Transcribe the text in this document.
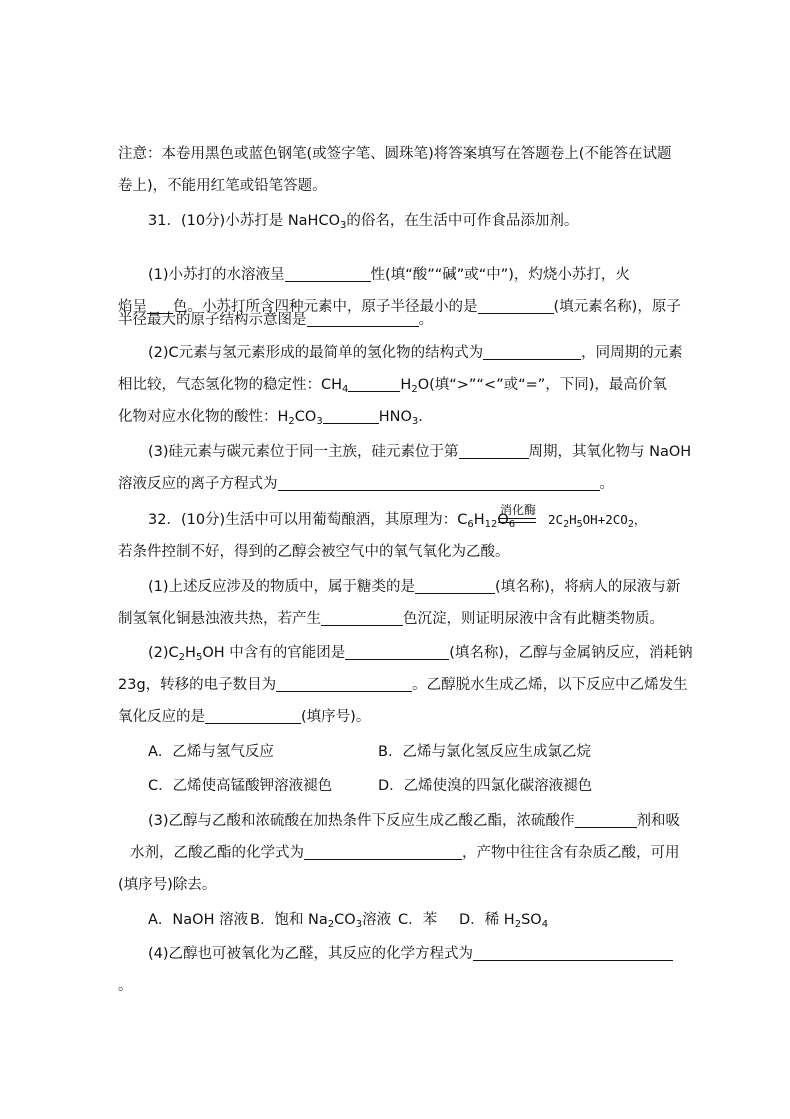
注意：本卷用黑色或蓝色钢笔(或签字笔、圆珠笔)将答案填写在答题卷上(不能答在试题
卷上)，不能用红笔或铅笔答题。
31．(10分)小苏打是 NaHCO$_3$的俗名，在生活中可作食品添加剂。
(1)小苏打的水溶液呈	性(填“酸”“碱”或“中”)，灼烧小苏打，火
焰呈 色。小苏打所含四种元素中，原子半径最小的是	(填元素名称)，原子
半径最大的原子结构示意图是	。
(2)C元素与氢元素形成的最简单的氢化物的结构式为	，同周期的元素
相比较，气态氢化物的稳定性：$CH_4$	$H_2O$(填“>”“<”或“=”，下同)，最高价氧
化物对应水化物的酸性：$H_2CO_3$	$HNO_3$.
(3)硅元素与碳元素位于同一主族，硅元素位于第	周期，其氧化物与 NaOH
溶液反应的离子方程式为	。
32．(10分)生活中可以用葡萄酿酒，其原理为：$C_6H_{12}O_6$
消化酶
$2C_2H_5OH+2CO_2$，
若条件控制不好，得到的乙醇会被空气中的氧气氧化为乙酸。
(1)上述反应涉及的物质中，属于糖类的是	(填名称)，将病人的尿液与新
制氢氧化铜悬浊液共热，若产生	色沉淀，则证明尿液中含有此糖类物质。
$(2)C_2H_5OH$ 中含有的官能团是	(填名称)，乙醇与金属钠反应，消耗钠
23g，转移的电子数目为	。乙醇脱水生成乙烯，以下反应中乙烯发生
氧化反应的是	(填序号)。
A．乙烯与氢气反应	B．乙烯与氯化氢反应生成氯乙烷
C．乙烯使高锰酸钾溶液褪色	D．乙烯使溴的四氯化碳溶液褪色
(3)乙醇与乙酸和浓硫酸在加热条件下反应生成乙酸乙酯，浓硫酸作	剂和吸
水剂，乙酸乙酯的化学式为	，产物中往往含有杂质乙酸，可用
(填序号)除去。
A．NaOH 溶液 B．饱和 $Na_2CO_3$溶液 C．苯 D．稀 $H_2SO_4$
(4)乙醇也可被氧化为乙醛，其反应的化学方程式为
。
